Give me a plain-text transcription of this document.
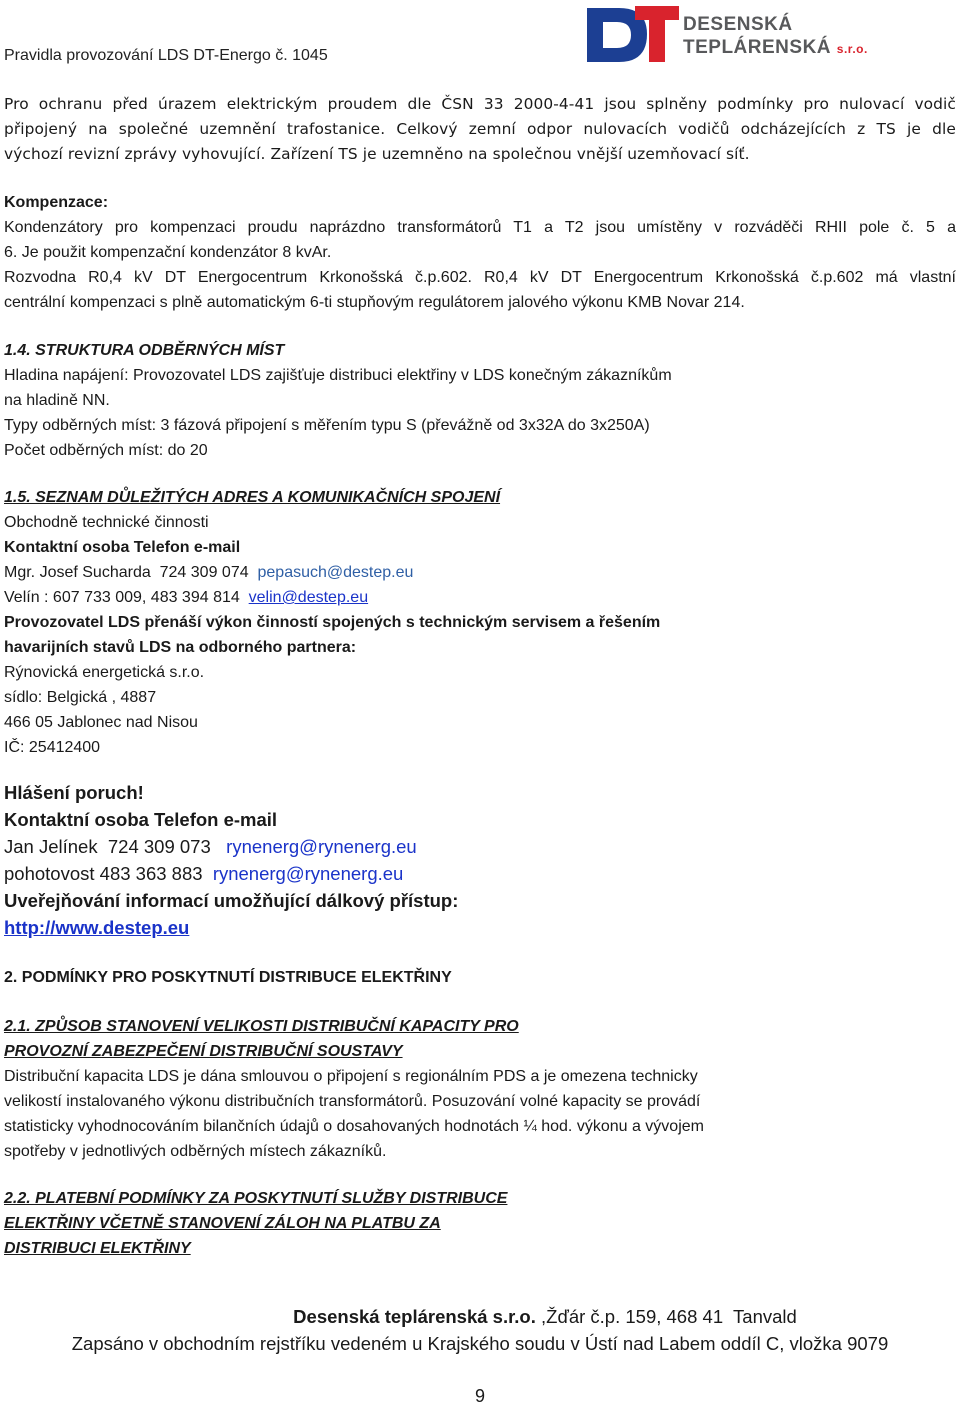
Pravidla provozování LDS DT-Energo č. 1045
DESENSKÁ
TEPLÁRENSKÁ s.r.o.
Pro ochranu před úrazem elektrickým proudem dle ČSN 33 2000-4-41 jsou splněny podmínky pro nulovací vodič
připojený na společné uzemnění trafostanice. Celkový zemní odpor nulovacích vodičů odcházejících z TS je dle
výchozí revizní zprávy vyhovující. Zařízení TS je uzemněno na společnou vnější uzemňovací síť.
Kompenzace:
Kondenzátory pro kompenzaci proudu naprázdno transformátorů T1 a T2 jsou umístěny v rozváděči RHII pole č. 5 a
6. Je použit kompenzační kondenzátor 8 kvAr.
Rozvodna R0,4 kV DT Energocentrum Krkonošská č.p.602. R0,4 kV DT Energocentrum Krkonošská č.p.602 má vlastní
centrální kompenzaci s plně automatickým 6-ti stupňovým regulátorem jalového výkonu KMB Novar 214.
1.4. STRUKTURA ODBĚRNÝCH MÍST
Hladina napájení: Provozovatel LDS zajišťuje distribuci elektřiny v LDS konečným zákazníkům
na hladině NN.
Typy odběrných míst: 3 fázová připojení s měřením typu S (převážně od 3x32A do 3x250A)
Počet odběrných míst: do 20
1.5. SEZNAM DŮLEŽITÝCH ADRES A KOMUNIKAČNÍCH SPOJENÍ
Obchodně technické činnosti
Kontaktní osoba Telefon e-mail
Mgr. Josef Sucharda  724 309 074  pepasuch@destep.eu
Velín : 607 733 009, 483 394 814  velin@destep.eu
Provozovatel LDS přenáší výkon činností spojených s technickým servisem a řešením
havarijních stavů LDS na odborného partnera:
Rýnovická energetická s.r.o.
sídlo: Belgická , 4887
466 05 Jablonec nad Nisou
IČ: 25412400
Hlášení poruch!
Kontaktní osoba Telefon e-mail
Jan Jelínek  724 309 073   rynenerg@rynenerg.eu
pohotovost 483 363 883  rynenerg@rynenerg.eu
Uveřejňování informací umožňující dálkový přístup:
http://www.destep.eu
2. PODMÍNKY PRO POSKYTNUTÍ DISTRIBUCE ELEKTŘINY
2.1. ZPŮSOB STANOVENÍ VELIKOSTI DISTRIBUČNÍ KAPACITY PRO
PROVOZNÍ ZABEZPEČENÍ DISTRIBUČNÍ SOUSTAVY
Distribuční kapacita LDS je dána smlouvou o připojení s regionálním PDS a je omezena technicky
velikostí instalovaného výkonu distribučních transformátorů. Posuzování volné kapacity se provádí
statisticky vyhodnocováním bilančních údajů o dosahovaných hodnotách ¼ hod. výkonu a vývojem
spotřeby v jednotlivých odběrných místech zákazníků.
2.2. PLATEBNÍ PODMÍNKY ZA POSKYTNUTÍ SLUŽBY DISTRIBUCE
ELEKTŘINY VČETNĚ STANOVENÍ ZÁLOH NA PLATBU ZA
DISTRIBUCI ELEKTŘINY
Desenská teplárenská s.r.o. ,Žďár č.p. 159, 468 41  Tanvald
Zapsáno v obchodním rejstříku vedeném u Krajského soudu v Ústí nad Labem oddíl C, vložka 9079
9
